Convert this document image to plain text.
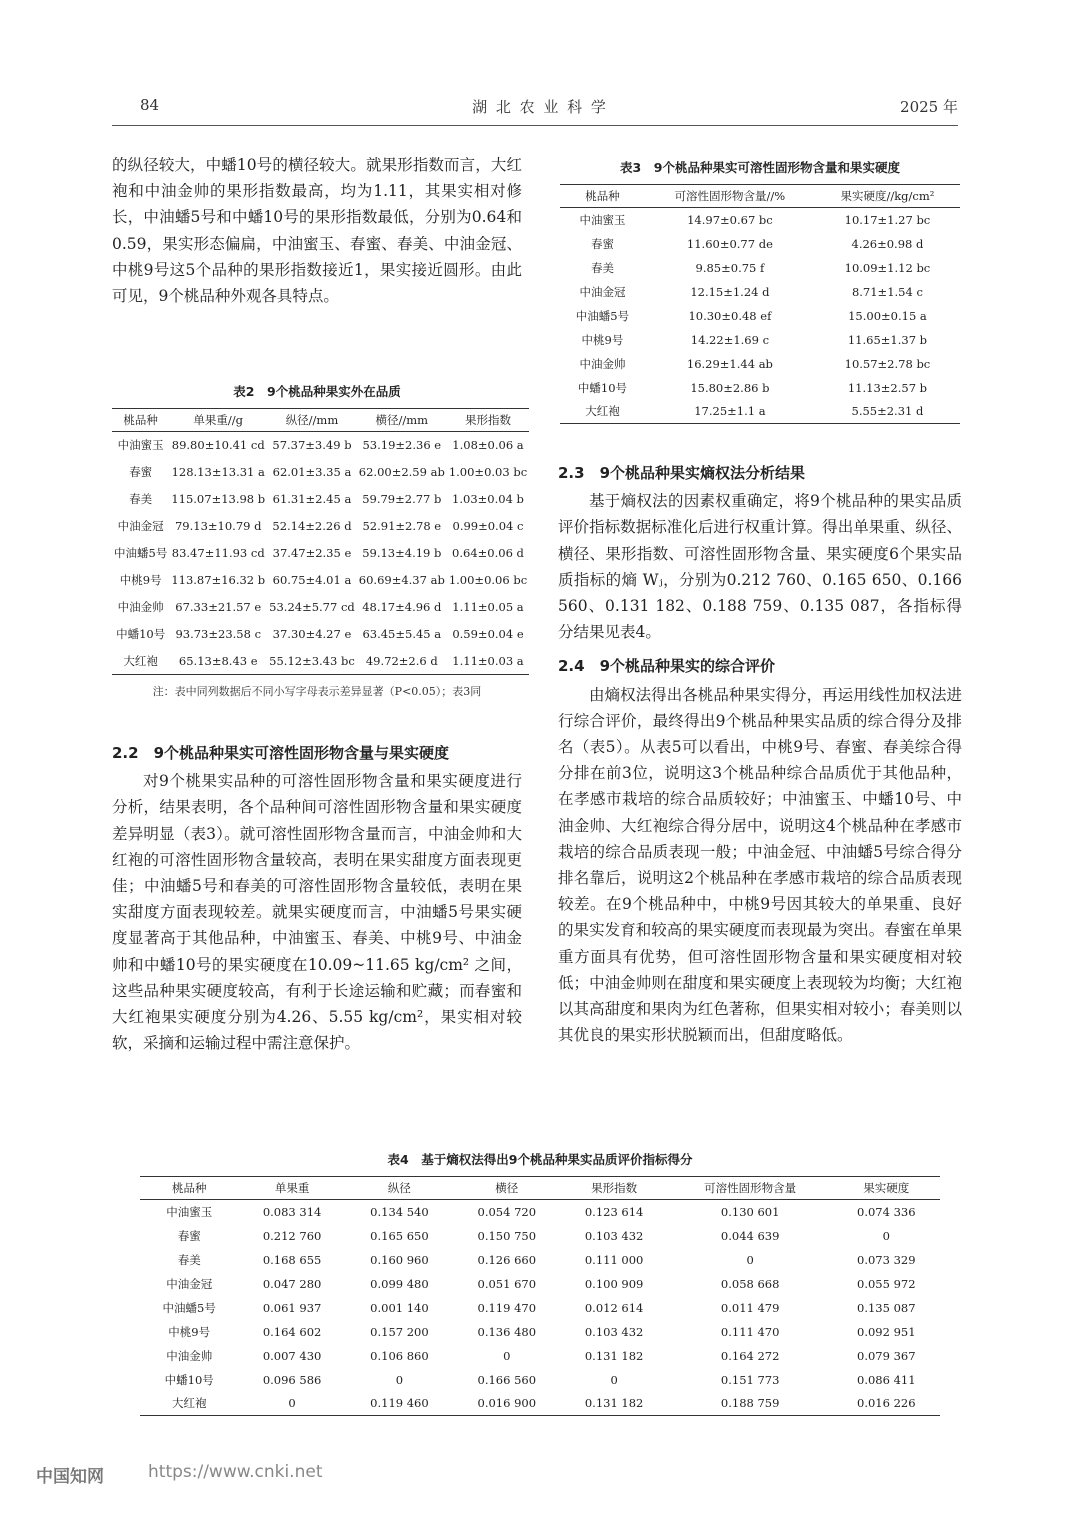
84	湖 北 农 业 科 学	2025 年

的纵径较大，中蟠10号的横径较大。就果形指数而言，大红袍和中油金帅的果形指数最高，均为1.11，其果实相对修长，中油蟠5号和中蟠10号的果形指数最低，分别为0.64和0.59，果实形态偏扁，中油蜜玉、春蜜、春美、中油金冠、中桃9号这5个品种的果形指数接近1，果实接近圆形。由此可见，9个桃品种外观各具特点。

表2　9个桃品种果实外在品质
桃品种	单果重//g	纵径//mm	横径//mm	果形指数
中油蜜玉	89.80±10.41 cd	57.37±3.49 b	53.19±2.36 e	1.08±0.06 a
春蜜	128.13±13.31 a	62.01±3.35 a	62.00±2.59 ab	1.00±0.03 bc
春美	115.07±13.98 b	61.31±2.45 a	59.79±2.77 b	1.03±0.04 b
中油金冠	79.13±10.79 d	52.14±2.26 d	52.91±2.78 e	0.99±0.04 c
中油蟠5号	83.47±11.93 cd	37.47±2.35 e	59.13±4.19 b	0.64±0.06 d
中桃9号	113.87±16.32 b	60.75±4.01 a	60.69±4.37 ab	1.00±0.06 bc
中油金帅	67.33±21.57 e	53.24±5.77 cd	48.17±4.96 d	1.11±0.05 a
中蟠10号	93.73±23.58 c	37.30±4.27 e	63.45±5.45 a	0.59±0.04 e
大红袍	65.13±8.43 e	55.12±3.43 bc	49.72±2.6 d	1.11±0.03 a
注：表中同列数据后不同小写字母表示差异显著（P<0.05）；表3同
2.2　9个桃品种果实可溶性固形物含量与果实硬度

对9个桃果实品种的可溶性固形物含量和果实硬度进行分析，结果表明，各个品种间可溶性固形物含量和果实硬度差异明显（表3）。就可溶性固形物含量而言，中油金帅和大红袍的可溶性固形物含量较高，表明在果实甜度方面表现更佳；中油蟠5号和春美的可溶性固形物含量较低，表明在果实甜度方面表现较差。就果实硬度而言，中油蟠5号果实硬度显著高于其他品种，中油蜜玉、春美、中桃9号、中油金帅和中蟠10号的果实硬度在10.09~11.65 kg/cm² 之间，这些品种果实硬度较高，有利于长途运输和贮藏；而春蜜和大红袍果实硬度分别为4.26、5.55 kg/cm²，果实相对较软，采摘和运输过程中需注意保护。

表3　9个桃品种果实可溶性固形物含量和果实硬度
桃品种	可溶性固形物含量//%	果实硬度//kg/cm²
中油蜜玉	14.97±0.67 bc	10.17±1.27 bc
春蜜	11.60±0.77 de	4.26±0.98 d
春美	9.85±0.75 f	10.09±1.12 bc
中油金冠	12.15±1.24 d	8.71±1.54 c
中油蟠5号	10.30±0.48 ef	15.00±0.15 a
中桃9号	14.22±1.69 c	11.65±1.37 b
中油金帅	16.29±1.44 ab	10.57±2.78 bc
中蟠10号	15.80±2.86 b	11.13±2.57 b
大红袍	17.25±1.1 a	5.55±2.31 d
2.3　9个桃品种果实熵权法分析结果

基于熵权法的因素权重确定，将9个桃品种的果实品质评价指标数据标准化后进行权重计算。得出单果重、纵径、横径、果形指数、可溶性固形物含量、果实硬度6个果实品质指标的熵 Wⱼ，分别为0.212 760、0.165 650、0.166 560、0.131 182、0.188 759、0.135 087，各指标得分结果见表4。

2.4　9个桃品种果实的综合评价

由熵权法得出各桃品种果实得分，再运用线性加权法进行综合评价，最终得出9个桃品种果实品质的综合得分及排名（表5）。从表5可以看出，中桃9号、春蜜、春美综合得分排在前3位，说明这3个桃品种综合品质优于其他品种，在孝感市栽培的综合品质较好；中油蜜玉、中蟠10号、中油金帅、大红袍综合得分居中，说明这4个桃品种在孝感市栽培的综合品质表现一般；中油金冠、中油蟠5号综合得分排名靠后，说明这2个桃品种在孝感市栽培的综合品质表现较差。在9个桃品种中，中桃9号因其较大的单果重、良好的果实发育和较高的果实硬度而表现最为突出。春蜜在单果重方面具有优势，但可溶性固形物含量和果实硬度相对较低；中油金帅则在甜度和果实硬度上表现较为均衡；大红袍以其高甜度和果肉为红色著称，但果实相对较小；春美则以其优良的果实形状脱颖而出，但甜度略低。

表4　基于熵权法得出9个桃品种果实品质评价指标得分
桃品种	单果重	纵径	横径	果形指数	可溶性固形物含量	果实硬度
中油蜜玉	0.083 314	0.134 540	0.054 720	0.123 614	0.130 601	0.074 336
春蜜	0.212 760	0.165 650	0.150 750	0.103 432	0.044 639	0
春美	0.168 655	0.160 960	0.126 660	0.111 000	0	0.073 329
中油金冠	0.047 280	0.099 480	0.051 670	0.100 909	0.058 668	0.055 972
中油蟠5号	0.061 937	0.001 140	0.119 470	0.012 614	0.011 479	0.135 087
中桃9号	0.164 602	0.157 200	0.136 480	0.103 432	0.111 470	0.092 951
中油金帅	0.007 430	0.106 860	0	0.131 182	0.164 272	0.079 367
中蟠10号	0.096 586	0	0.166 560	0	0.151 773	0.086 411
大红袍	0	0.119 460	0.016 900	0.131 182	0.188 759	0.016 226
中国知网	https://www.cnki.net
